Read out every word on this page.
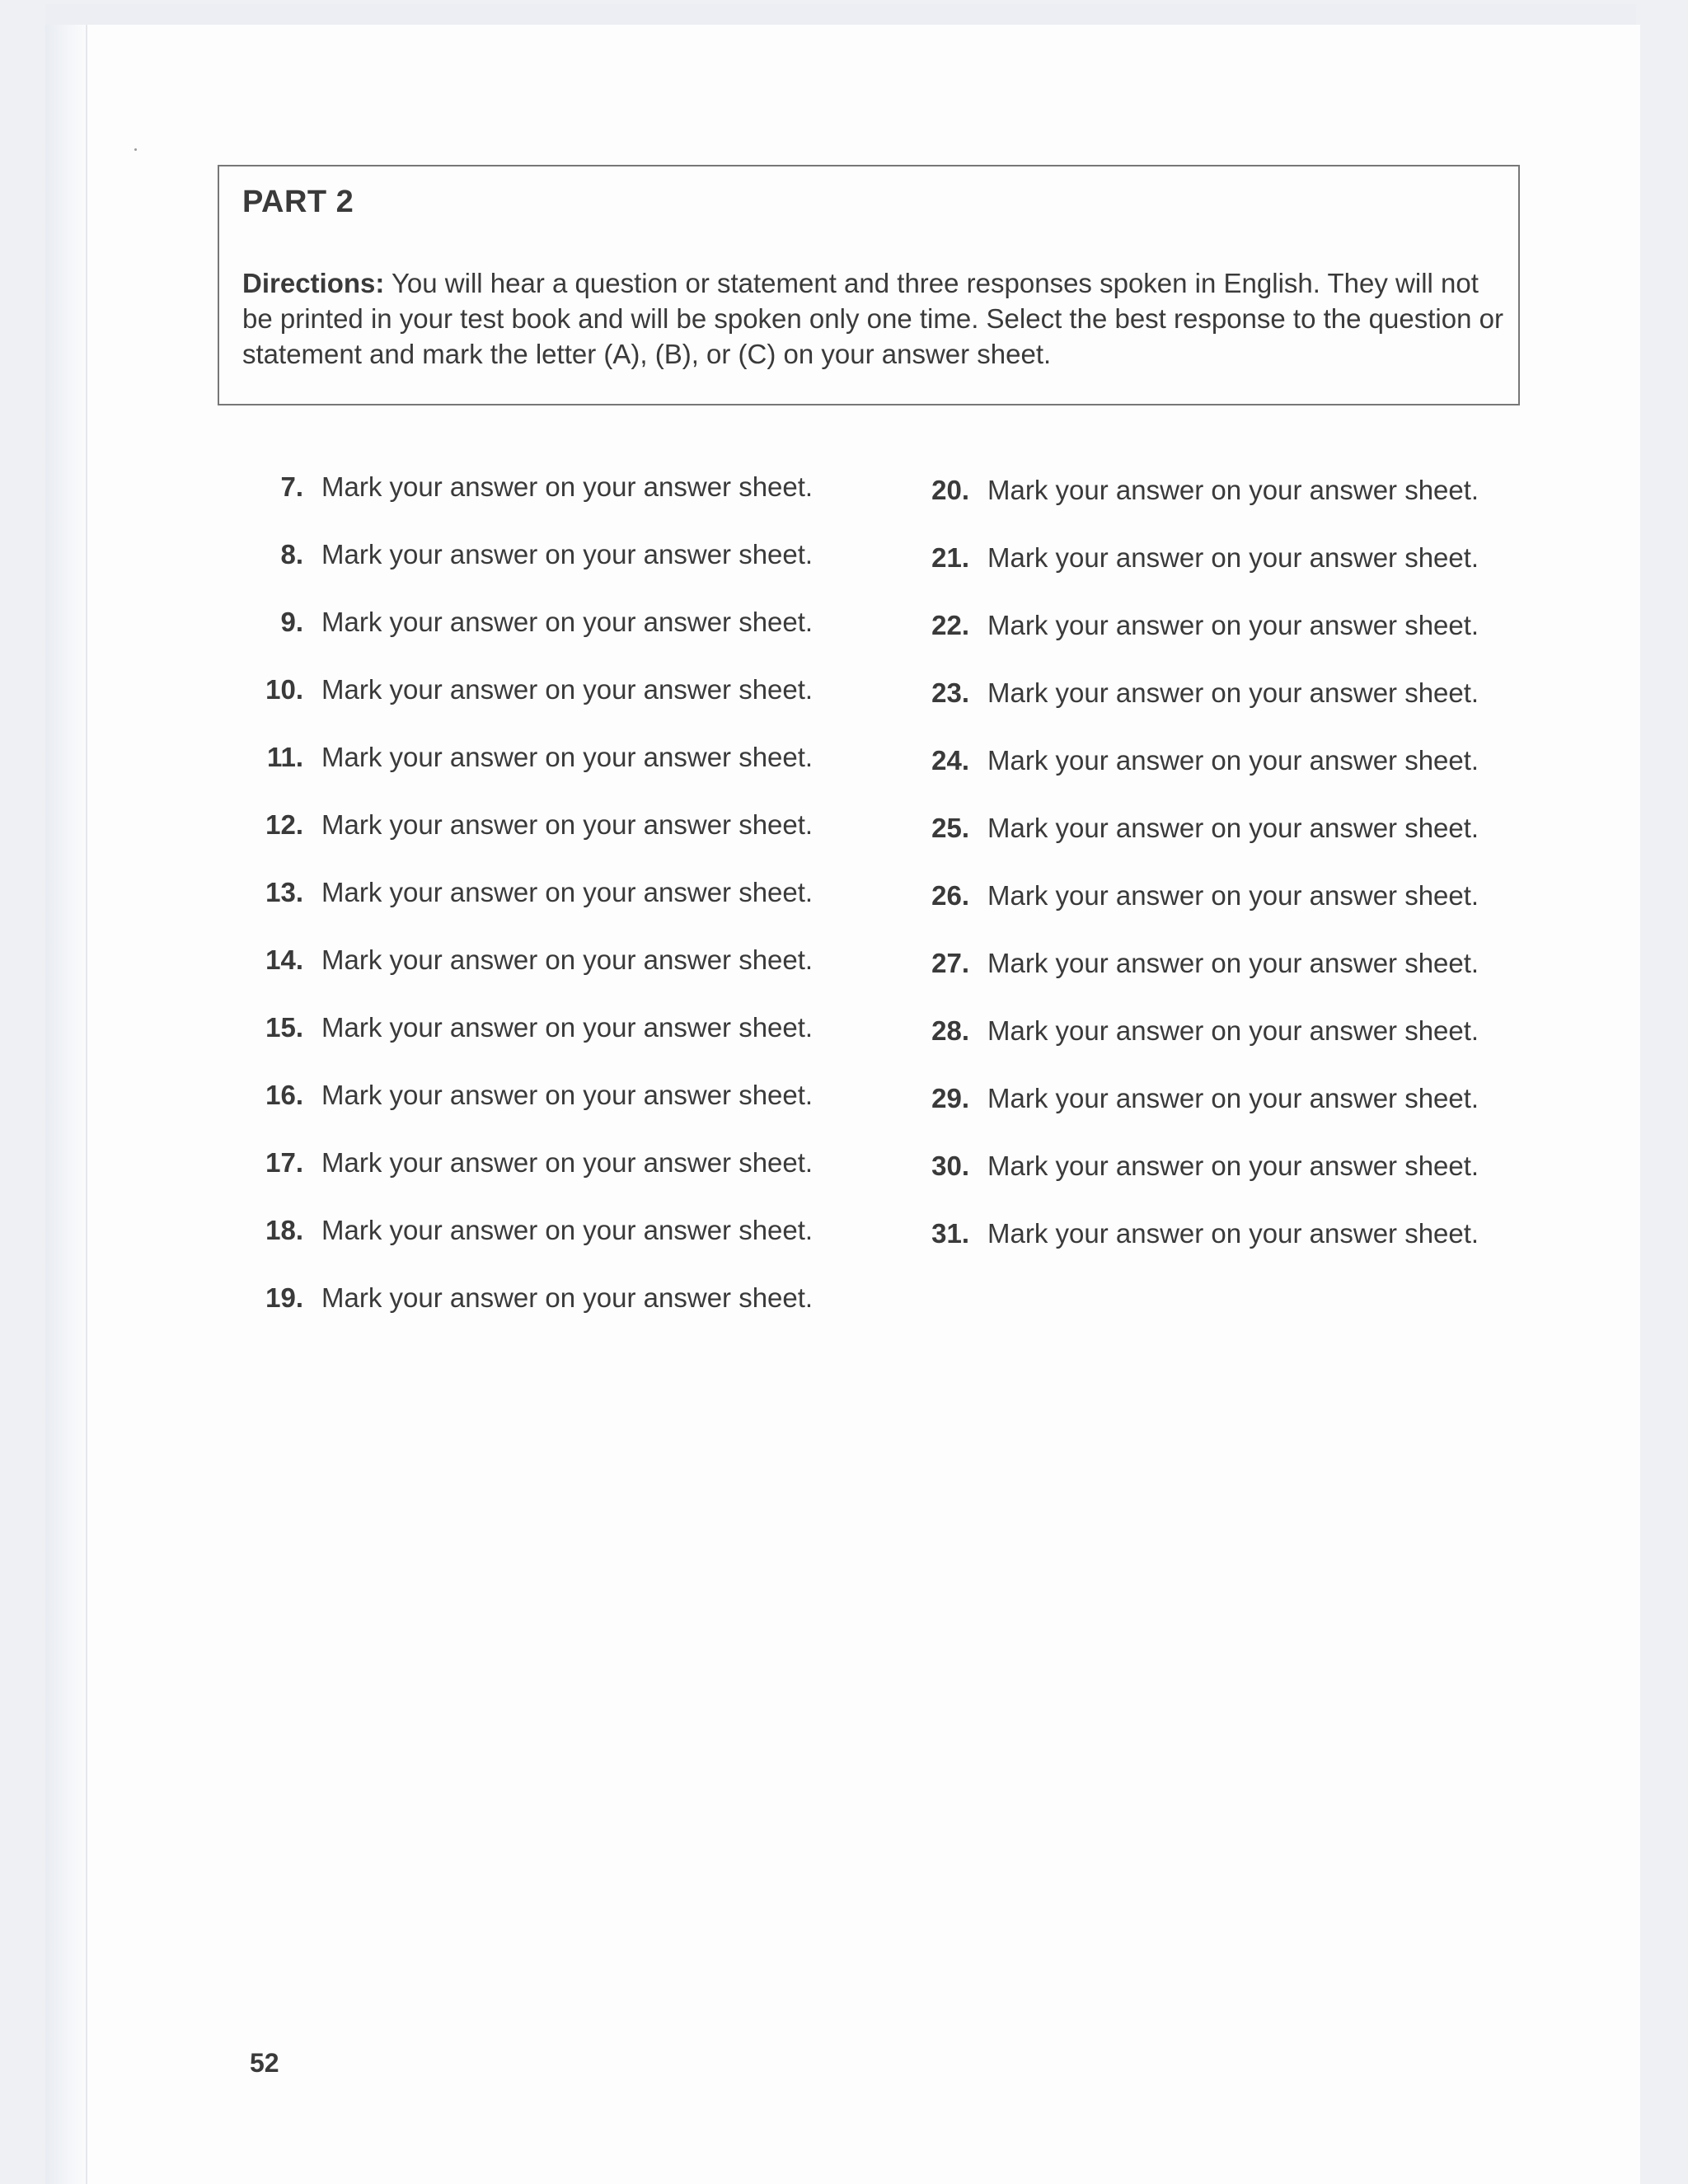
PART 2
Directions: You will hear a question or statement and three responses spoken in English. They will not be printed in your test book and will be spoken only one time. Select the best response to the question or statement and mark the letter (A), (B), or (C) on your answer sheet.
7. Mark your answer on your answer sheet.
8. Mark your answer on your answer sheet.
9. Mark your answer on your answer sheet.
10. Mark your answer on your answer sheet.
11. Mark your answer on your answer sheet.
12. Mark your answer on your answer sheet.
13. Mark your answer on your answer sheet.
14. Mark your answer on your answer sheet.
15. Mark your answer on your answer sheet.
16. Mark your answer on your answer sheet.
17. Mark your answer on your answer sheet.
18. Mark your answer on your answer sheet.
19. Mark your answer on your answer sheet.
20. Mark your answer on your answer sheet.
21. Mark your answer on your answer sheet.
22. Mark your answer on your answer sheet.
23. Mark your answer on your answer sheet.
24. Mark your answer on your answer sheet.
25. Mark your answer on your answer sheet.
26. Mark your answer on your answer sheet.
27. Mark your answer on your answer sheet.
28. Mark your answer on your answer sheet.
29. Mark your answer on your answer sheet.
30. Mark your answer on your answer sheet.
31. Mark your answer on your answer sheet.
52
